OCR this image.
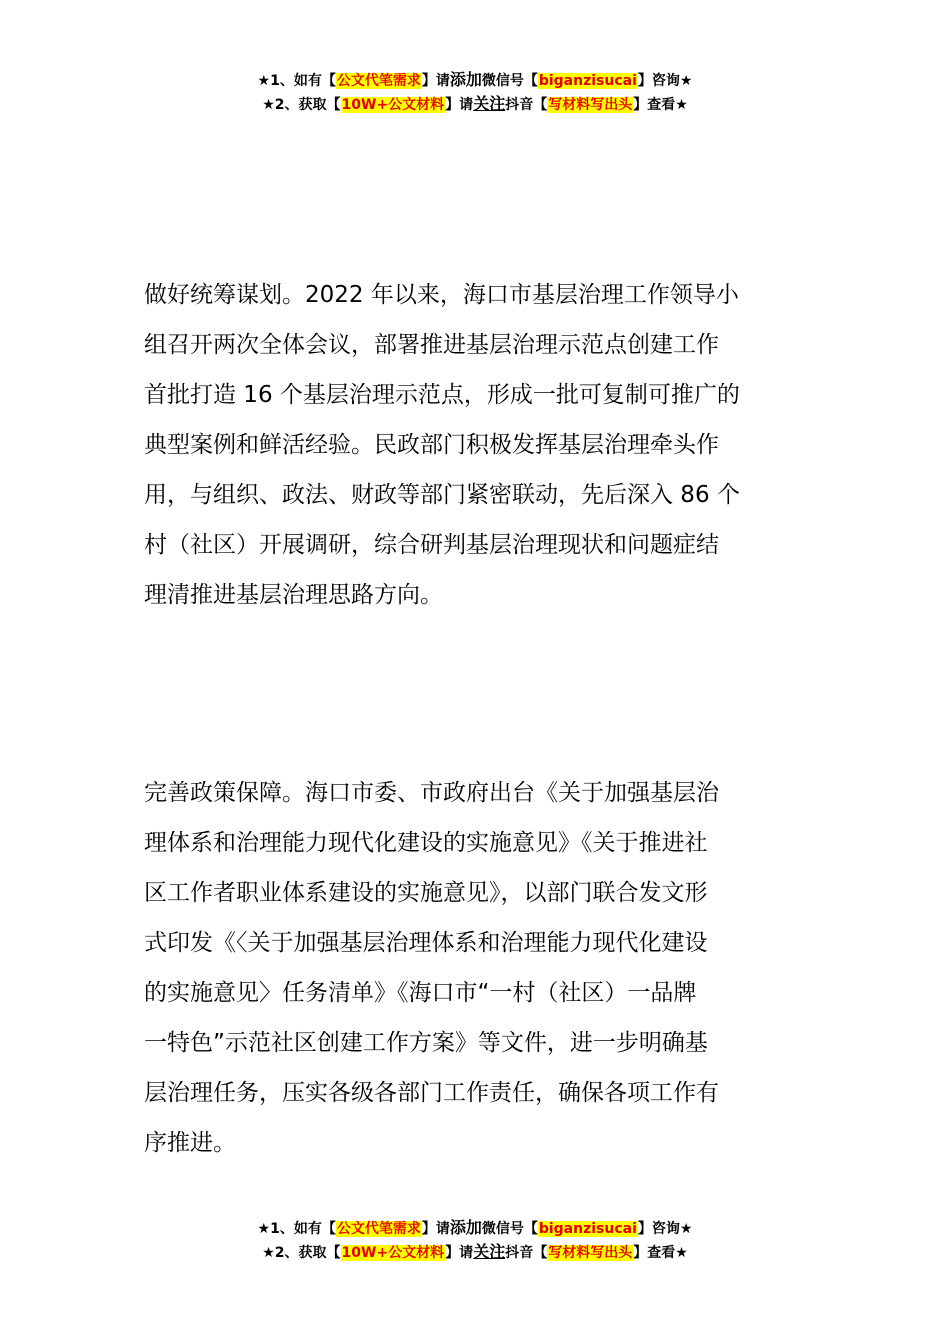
★1、如有【公文代笔需求】请添加微信号【biganzisucai】咨询★
★2、获取【10W+公文材料】请关注抖音【写材料写出头】查看★
做好统筹谋划。2022 年以来，海口市基层治理工作领导小
组召开两次全体会议，部署推进基层治理示范点创建工作
首批打造 16 个基层治理示范点，形成一批可复制可推广的
典型案例和鲜活经验。民政部门积极发挥基层治理牵头作
用，与组织、政法、财政等部门紧密联动，先后深入 86 个
村（社区）开展调研，综合研判基层治理现状和问题症结
理清推进基层治理思路方向。
完善政策保障。海口市委、市政府出台《关于加强基层治
理体系和治理能力现代化建设的实施意见》《关于推进社
区工作者职业体系建设的实施意见》，以部门联合发文形
式印发《〈关于加强基层治理体系和治理能力现代化建设
的实施意见〉任务清单》《海口市“一村（社区）一品牌
一特色”示范社区创建工作方案》等文件，进一步明确基
层治理任务，压实各级各部门工作责任，确保各项工作有
序推进。
★1、如有【公文代笔需求】请添加微信号【biganzisucai】咨询★
★2、获取【10W+公文材料】请关注抖音【写材料写出头】查看★
